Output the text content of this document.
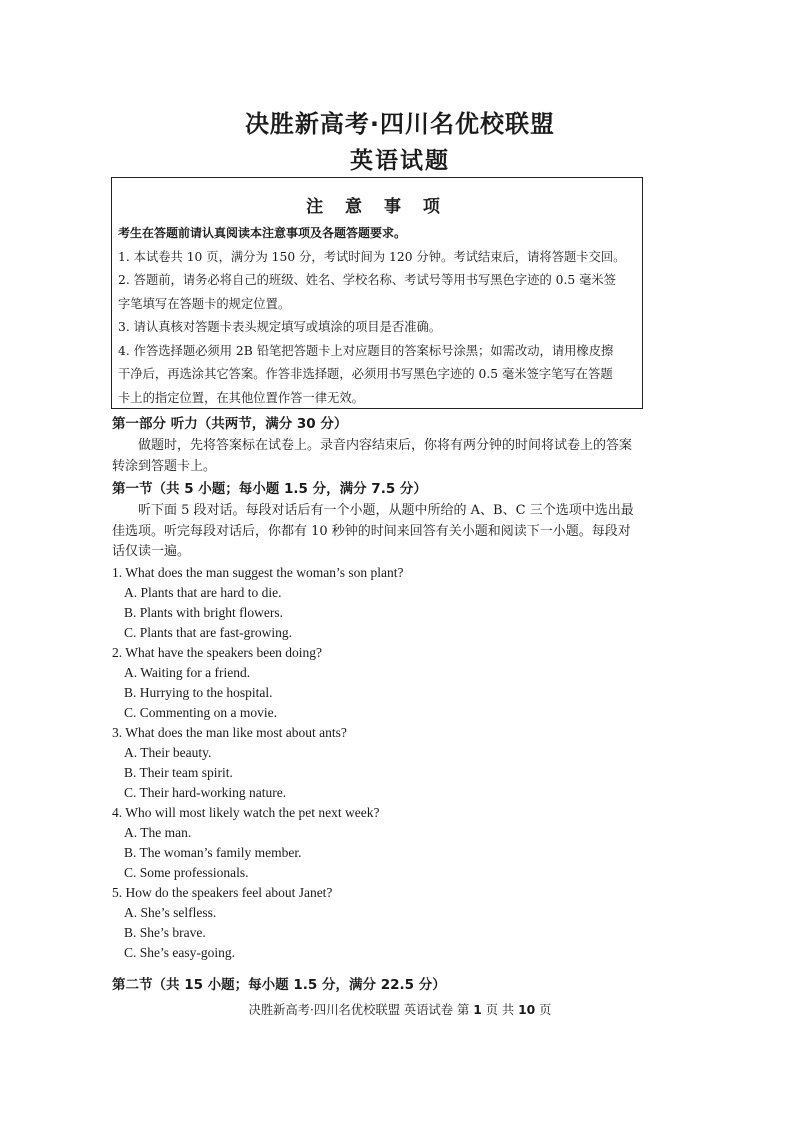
决胜新高考·四川名优校联盟
英语试题
注 意 事 项
考生在答题前请认真阅读本注意事项及各题答题要求。
1. 本试卷共 10 页，满分为 150 分，考试时间为 120 分钟。考试结束后，请将答题卡交回。
2. 答题前，请务必将自己的班级、姓名、学校名称、考试号等用书写黑色字迹的 0.5 毫米签
字笔填写在答题卡的规定位置。
3. 请认真核对答题卡表头规定填写或填涂的项目是否准确。
4. 作答选择题必须用 2B 铅笔把答题卡上对应题目的答案标号涂黑；如需改动，请用橡皮擦
干净后，再选涂其它答案。作答非选择题，必须用书写黑色字迹的 0.5 毫米签字笔写在答题
卡上的指定位置，在其他位置作答一律无效。
第一部分 听力（共两节，满分 30 分）
　　做题时，先将答案标在试卷上。录音内容结束后，你将有两分钟的时间将试卷上的答案
转涂到答题卡上。
第一节（共 5 小题；每小题 1.5 分，满分 7.5 分）
　　听下面 5 段对话。每段对话后有一个小题，从题中所给的 A、B、C 三个选项中选出最
佳选项。听完每段对话后，你都有 10 秒钟的时间来回答有关小题和阅读下一小题。每段对
话仅读一遍。
1. What does the man suggest the woman’s son plant?
A. Plants that are hard to die.
B. Plants with bright flowers.
C. Plants that are fast-growing.
2. What have the speakers been doing?
A. Waiting for a friend.
B. Hurrying to the hospital.
C. Commenting on a movie.
3. What does the man like most about ants?
A. Their beauty.
B. Their team spirit.
C. Their hard-working nature.
4. Who will most likely watch the pet next week?
A. The man.
B. The woman’s family member.
C. Some professionals.
5. How do the speakers feel about Janet?
A. She’s selfless.
B. She’s brave.
C. She’s easy-going.
第二节（共 15 小题；每小题 1.5 分，满分 22.5 分）
决胜新高考·四川名优校联盟 英语试卷 第 1 页 共 10 页
